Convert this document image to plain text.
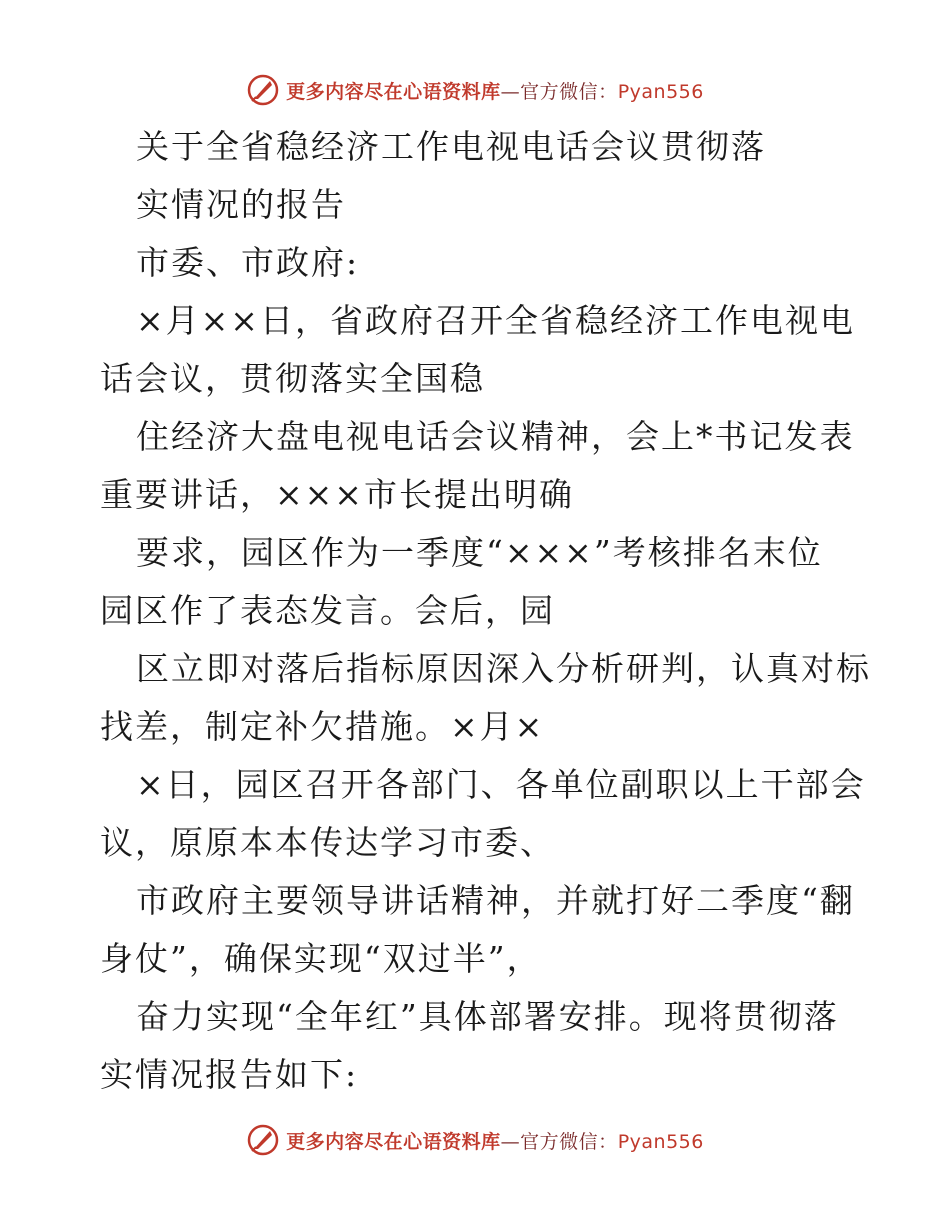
更多内容尽在心语资料库—官方微信：Pyan556
关于全省稳经济工作电视电话会议贯彻落
实情况的报告
市委、市政府:
×月××日，省政府召开全省稳经济工作电视电
话会议，贯彻落实全国稳
住经济大盘电视电话会议精神，会上*书记发表
重要讲话，×××市长提出明确
要求，园区作为一季度“×××”考核排名末位
园区作了表态发言。会后，园
区立即对落后指标原因深入分析研判，认真对标
找差，制定补欠措施。×月×
×日，园区召开各部门、各单位副职以上干部会
议，原原本本传达学习市委、
市政府主要领导讲话精神，并就打好二季度“翻
身仗”，确保实现“双过半”，
奋力实现“全年红”具体部署安排。现将贯彻落
实情况报告如下:
更多内容尽在心语资料库—官方微信：Pyan556
